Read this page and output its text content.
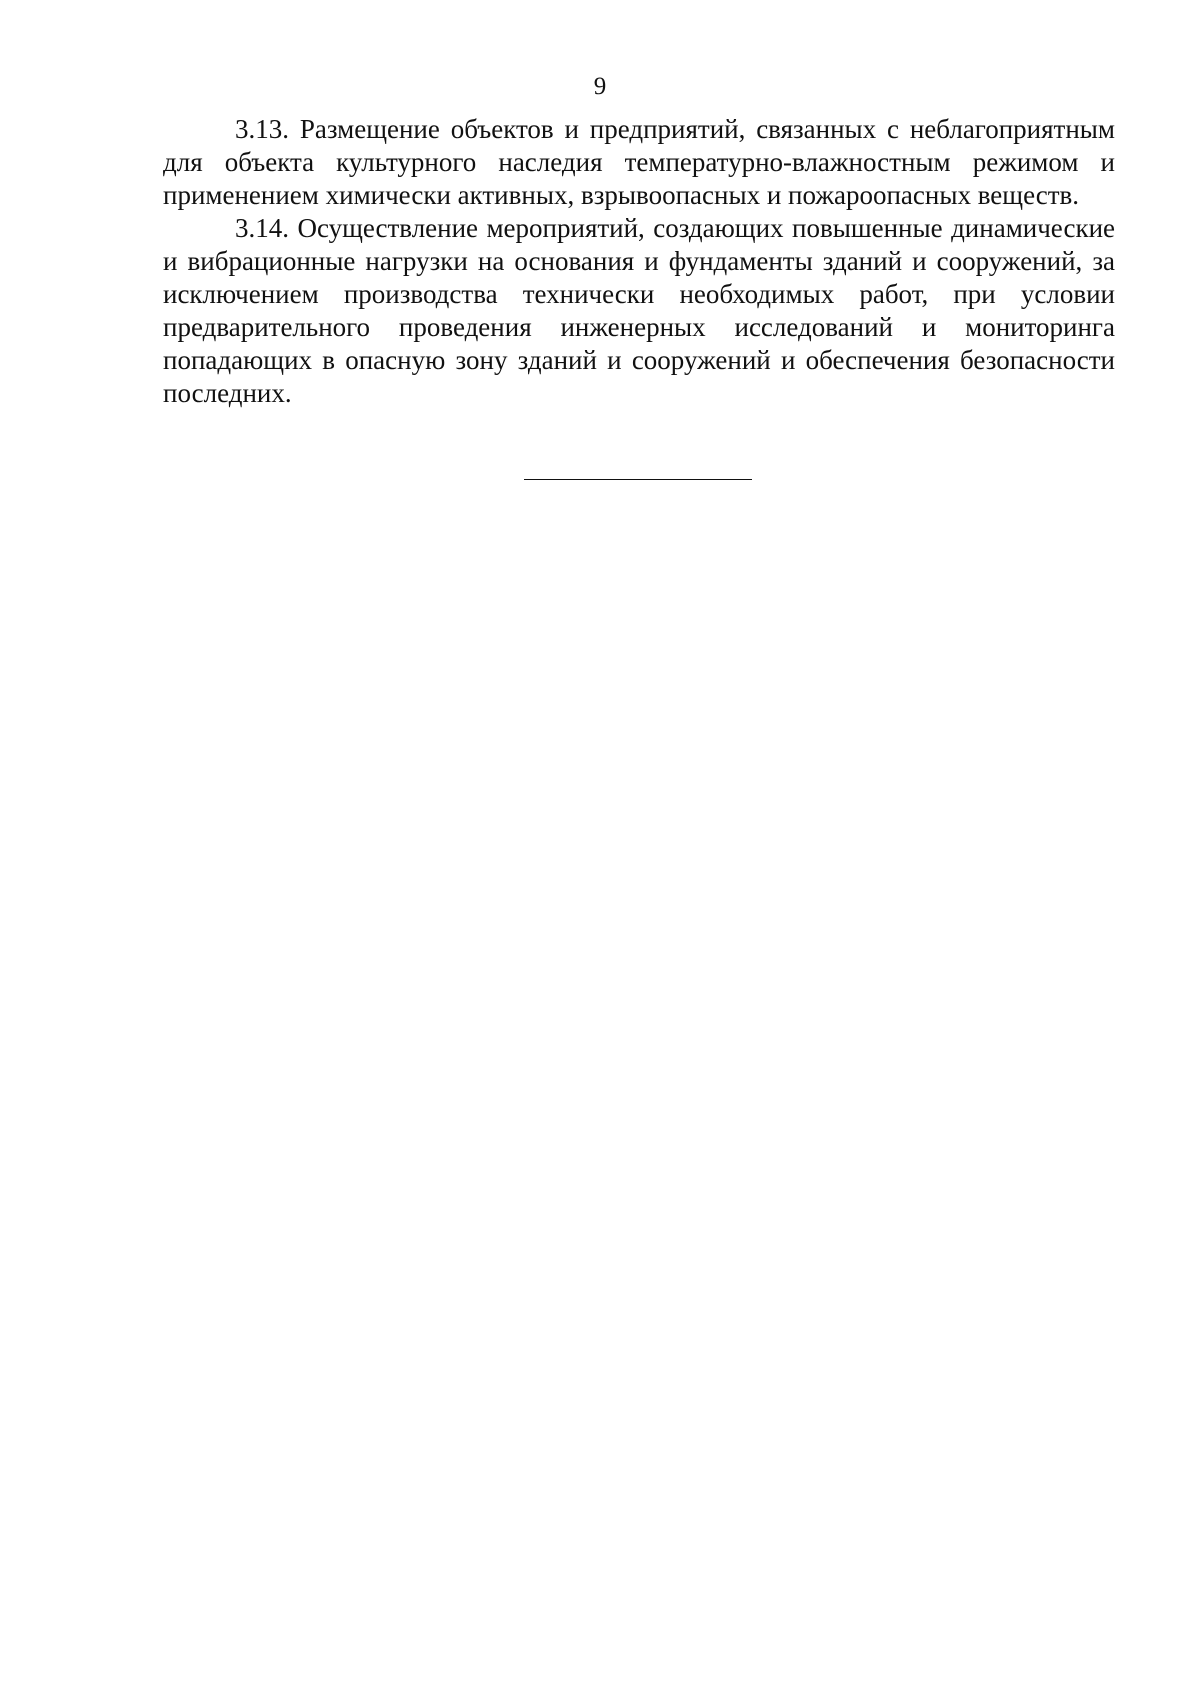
9

3.13. Размещение объектов и предприятий, связанных с неблагоприятным для объекта культурного наследия температурно-влажностным режимом и применением химически активных, взрывоопасных и пожароопасных веществ.

3.14. Осуществление мероприятий, создающих повышенные динамические и вибрационные нагрузки на основания и фундаменты зданий и сооружений, за исключением производства технически необходимых работ, при условии предварительного проведения инженерных исследований и мониторинга попадающих в опасную зону зданий и сооружений и обеспечения безопасности последних.
